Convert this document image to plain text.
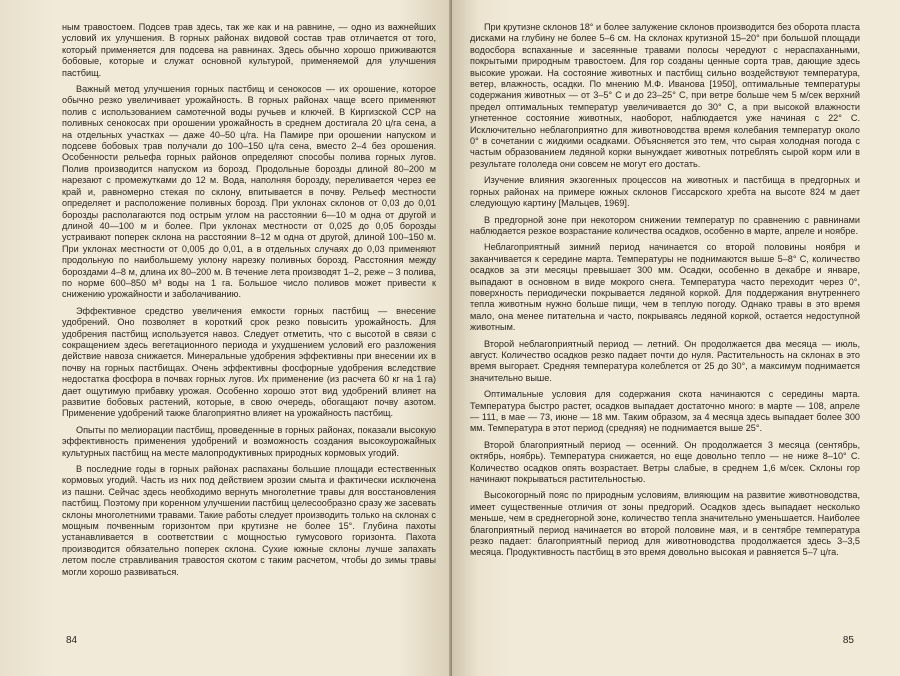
ным травостоем. Подсев трав здесь, так же как и на равнине, — одно из важнейших условий их улучшения. В горных районах видовой состав трав отличается от того, который применяется для подсева на равнинах. Здесь обычно хорошо приживаются бобовые, которые и служат основной культурой, применяемой для улучшения пастбищ.

Важный метод улучшения горных пастбищ и сенокосов — их орошение, которое обычно резко увеличивает урожайность. В горных районах чаще всего применяют полив с использованием самотечной воды ручьев и ключей. В Киргизской ССР на поливных сенокосах при орошении урожайность в среднем достигала 20 ц/га сена, а на отдельных участках — даже 40–50 ц/га. На Памире при орошении напуском и подсеве бобовых трав получали до 100–150 ц/га сена, вместо 2–4 без орошения. Особенности рельефа горных районов определяют способы полива горных лугов. Полив производится напуском из борозд. Продольные борозды длиной 80–200 м нарезают с промежутками до 12 м. Вода, наполняя борозду, переливается через ее край и, равномерно стекая по склону, впитывается в почву. Рельеф местности определяет и расположение поливных борозд. При уклонах склонов от 0,03 до 0,01 борозды располагаются под острым углом на расстоянии 6—10 м одна от другой и длиной 40—100 м и более. При уклонах местности от 0,025 до 0,05 борозды устраивают поперек склона на расстоянии 8–12 м одна от другой, длиной 100–150 м. При уклонах местности от 0,005 до 0,01, а в отдельных случаях до 0,03 применяют продольную по наибольшему уклону нарезку поливных борозд. Расстояния между бороздами 4–8 м, длина их 80–200 м. В течение лета производят 1–2, реже – 3 полива, по норме 600–850 м³ воды на 1 га. Большое число поливов может привести к снижению урожайности и заболачиванию.

Эффективное средство увеличения емкости горных пастбищ — внесение удобрений. Оно позволяет в короткий срок резко повысить урожайность. Для удобрения пастбищ используется навоз. Следует отметить, что с высотой в связи с сокращением здесь вегетационного периода и ухудшением условий его разложения действие навоза снижается. Минеральные удобрения эффективны при внесении их в почву на горных пастбищах. Очень эффективны фосфорные удобрения вследствие недостатка фосфора в почвах горных лугов. Их применение (из расчета 60 кг на 1 га) дает ощутимую прибавку урожая. Особенно хорошо этот вид удобрений влияет на развитие бобовых растений, которые, в свою очередь, обогащают почву азотом. Применение удобрений также благоприятно влияет на урожайность пастбищ.

Опыты по мелиорации пастбищ, проведенные в горных районах, показали высокую эффективность применения удобрений и возможность создания высокоурожайных культурных пастбищ на месте малопродуктивных природных кормовых угодий.

В последние годы в горных районах распаханы большие площади естественных кормовых угодий. Часть из них под действием эрозии смыта и фактически исключена из пашни. Сейчас здесь необходимо вернуть многолетние травы для восстановления пастбищ. Поэтому при коренном улучшении пастбищ целесообразно сразу же засевать склоны многолетними травами. Такие работы следует производить только на склонах с мощным почвенным горизонтом при крутизне не более 15°. Глубина пахоты устанавливается в соответствии с мощностью гумусового горизонта. Пахота производится обязательно поперек склона. Сухие южные склоны лучше запахать летом после стравливания травостоя скотом с таким расчетом, чтобы до зимы травы могли хорошо развиваться.

84

При крутизне склонов 18° и более залужение склонов производится без оборота пласта дисками на глубину не более 5–6 см. На склонах крутизной 15–20° при большой площади водосбора вспаханные и засеянные травами полосы чередуют с нераспаханными, покрытыми природным травостоем. Для гор созданы ценные сорта трав, дающие здесь высокие урожаи. На состояние животных и пастбищ сильно воздействуют температура, ветер, влажность, осадки. По мнению М.Ф. Иванова [1950], оптимальные температуры содержания животных — от 3–5° С и до 23–25° С, при ветре больше чем 5 м/сек верхний предел оптимальных температур увеличивается до 30° С, а при высокой влажности угнетенное состояние животных, наоборот, наблюдается уже начиная с 22° С. Исключительно неблагоприятно для животноводства время колебания температур около 0° в сочетании с жидкими осадками. Объясняется это тем, что сырая холодная погода с частым образованием ледяной корки вынуждает животных потреблять сырой корм или в результате гололеда они совсем не могут его достать.

Изучение влияния экзогенных процессов на животных и пастбища в предгорных и горных районах на примере южных склонов Гиссарского хребта на высоте 824 м дает следующую картину [Мальцев, 1969].

В предгорной зоне при некотором снижении температур по сравнению с равнинами наблюдается резкое возрастание количества осадков, особенно в марте, апреле и ноябре.

Неблагоприятный зимний период начинается со второй половины ноября и заканчивается к середине марта. Температуры не поднимаются выше 5–8° С, количество осадков за эти месяцы превышает 300 мм. Осадки, особенно в декабре и январе, выпадают в основном в виде мокрого снега. Температура часто переходит через 0°, поверхность периодически покрывается ледяной коркой. Для поддержания внутреннего тепла животным нужно больше пищи, чем в теплую погоду. Однако травы в это время мало, она менее питательна и часто, покрываясь ледяной коркой, остается недоступной животным.

Второй неблагоприятный период — летний. Он продолжается два месяца — июль, август. Количество осадков резко падает почти до нуля. Растительность на склонах в это время выгорает. Средняя температура колеблется от 25 до 30°, а максимум поднимается значительно выше.

Оптимальные условия для содержания скота начинаются с середины марта. Температура быстро растет, осадков выпадает достаточно много: в марте — 108, апреле — 111, в мае — 73, июне — 18 мм. Таким образом, за 4 месяца здесь выпадает более 300 мм. Температура в этот период (средняя) не поднимается выше 25°.

Второй благоприятный период — осенний. Он продолжается 3 месяца (сентябрь, октябрь, ноябрь). Температура снижается, но еще довольно тепло — не ниже 8–10° С. Количество осадков опять возрастает. Ветры слабые, в среднем 1,6 м/сек. Склоны гор начинают покрываться растительностью.

Высокогорный пояс по природным условиям, влияющим на развитие животноводства, имеет существенные отличия от зоны предгорий. Осадков здесь выпадает несколько меньше, чем в среднегорной зоне, количество тепла значительно уменьшается. Наиболее благоприятный период начинается во второй половине мая, и в сентябре температура резко падает: благоприятный период для животноводства продолжается здесь 3–3,5 месяца. Продуктивность пастбищ в это время довольно высокая и равняется 5–7 ц/га.

85
